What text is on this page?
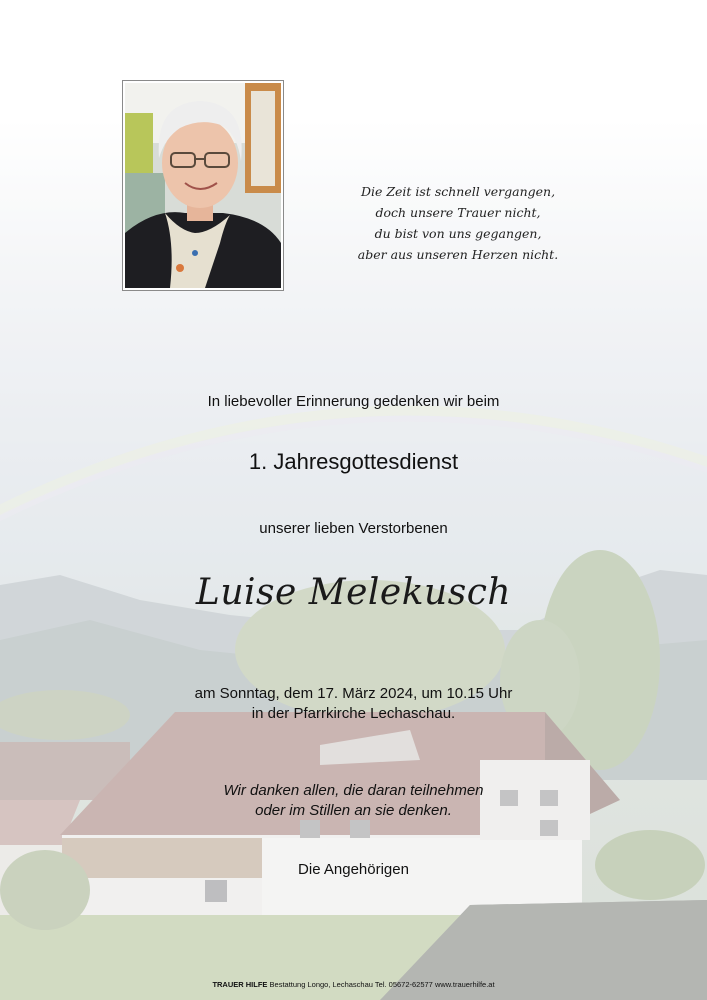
Die Zeit ist schnell vergangen,
doch unsere Trauer nicht,
du bist von uns gegangen,
aber aus unseren Herzen nicht.
In liebevoller Erinnerung gedenken wir beim
1. Jahresgottesdienst
unserer lieben Verstorbenen
Luise Melekusch
am Sonntag, dem 17. März 2024, um 10.15 Uhr
in der Pfarrkirche Lechaschau.
Wir danken allen, die daran teilnehmen
oder im Stillen an sie denken.
Die Angehörigen
TRAUER HILFE Bestattung Longo, Lechaschau Tel. 05672-62577 www.trauerhilfe.at
